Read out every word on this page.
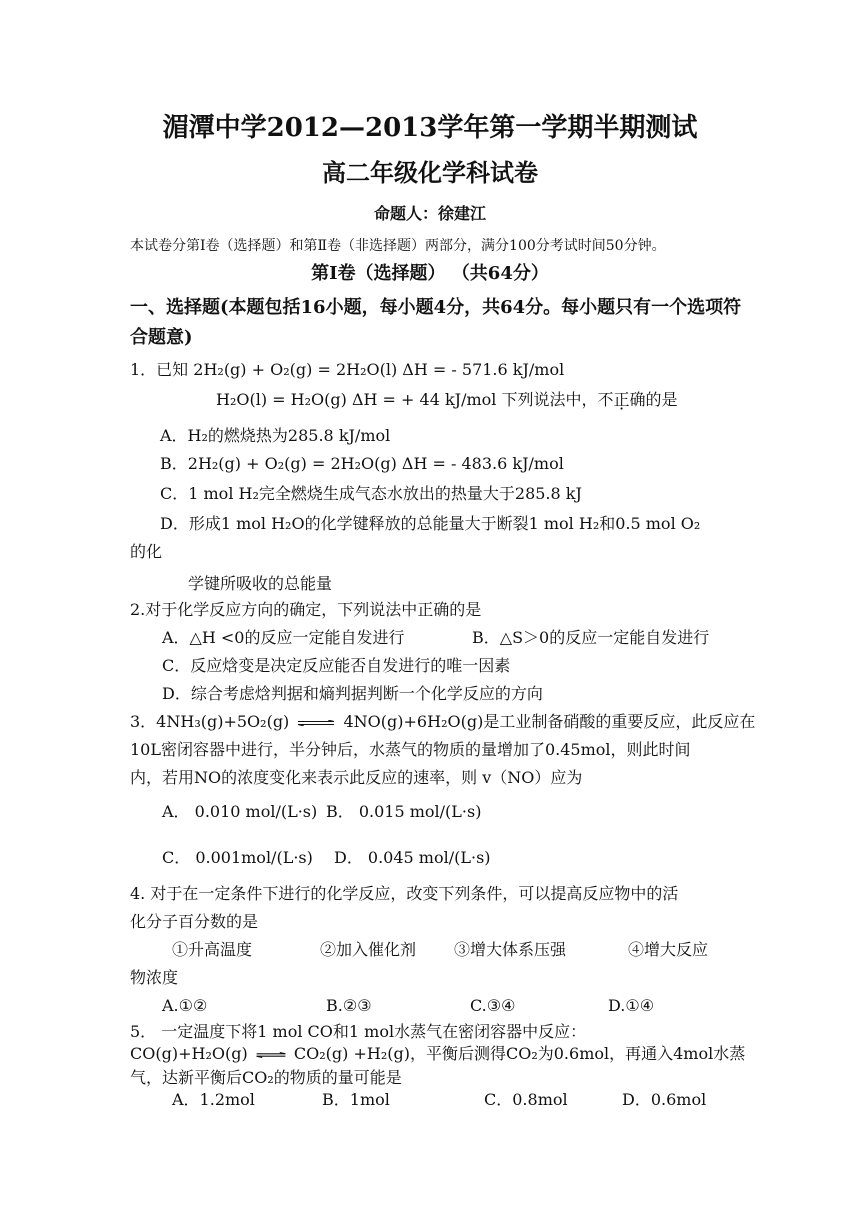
湄潭中学2012—2013学年第一学期半期测试
高二年级化学科试卷
命题人：徐建江
本试卷分第Ⅰ卷（选择题）和第Ⅱ卷（非选择题）两部分，满分100分考试时间50分钟。
第Ⅰ卷（选择题） （共64分）
一、选择题(本题包括16小题，每小题4分，共64分。每小题只有一个选项符
合题意)
1．已知 2H₂(g) + O₂(g) = 2H₂O(l) ΔH = - 571.6 kJ/mol
H₂O(l) = H₂O(g) ΔH = + 44 kJ/mol 下列说法中，不正确的是
A．H₂的燃烧热为285.8 kJ/mol
B．2H₂(g) + O₂(g) = 2H₂O(g) ΔH = - 483.6 kJ/mol
C．1 mol H₂完全燃烧生成气态水放出的热量大于285.8 kJ
D．形成1 mol H₂O的化学键释放的总能量大于断裂1 mol H₂和0.5 mol O₂
的化
学键所吸收的总能量
2.对于化学反应方向的确定，下列说法中正确的是
A．△H <0的反应一定能自发进行	B．△S＞0的反应一定能自发进行
C．反应焓变是决定反应能否自发进行的唯一因素
D．综合考虑焓判据和熵判据判断一个化学反应的方向
3．4NH₃(g)+5O₂(g) ⇌ 4NO(g)+6H₂O(g)是工业制备硝酸的重要反应，此反应在
10L密闭容器中进行，半分钟后，水蒸气的物质的量增加了0.45mol，则此时间
内，若用NO的浓度变化来表示此反应的速率，则 v（NO）应为
A． 0.010 mol/(L·s) B． 0.015 mol/(L·s)
C． 0.001mol/(L·s) D． 0.045 mol/(L·s)
4. 对于在一定条件下进行的化学反应，改变下列条件，可以提高反应物中的活
化分子百分数的是
①升高温度	②加入催化剂 ③增大体系压强	④增大反应
物浓度
A.①②	B.②③	C.③④	D.①④
5． 一定温度下将1 mol CO和1 mol水蒸气在密闭容器中反应：
CO(g)+H₂O(g) ⇌ CO₂(g) +H₂(g)，平衡后测得CO₂为0.6mol，再通入4mol水蒸
气，达新平衡后CO₂的物质的量可能是
A．1.2mol	B．1mol	C．0.8mol	D．0.6mol
